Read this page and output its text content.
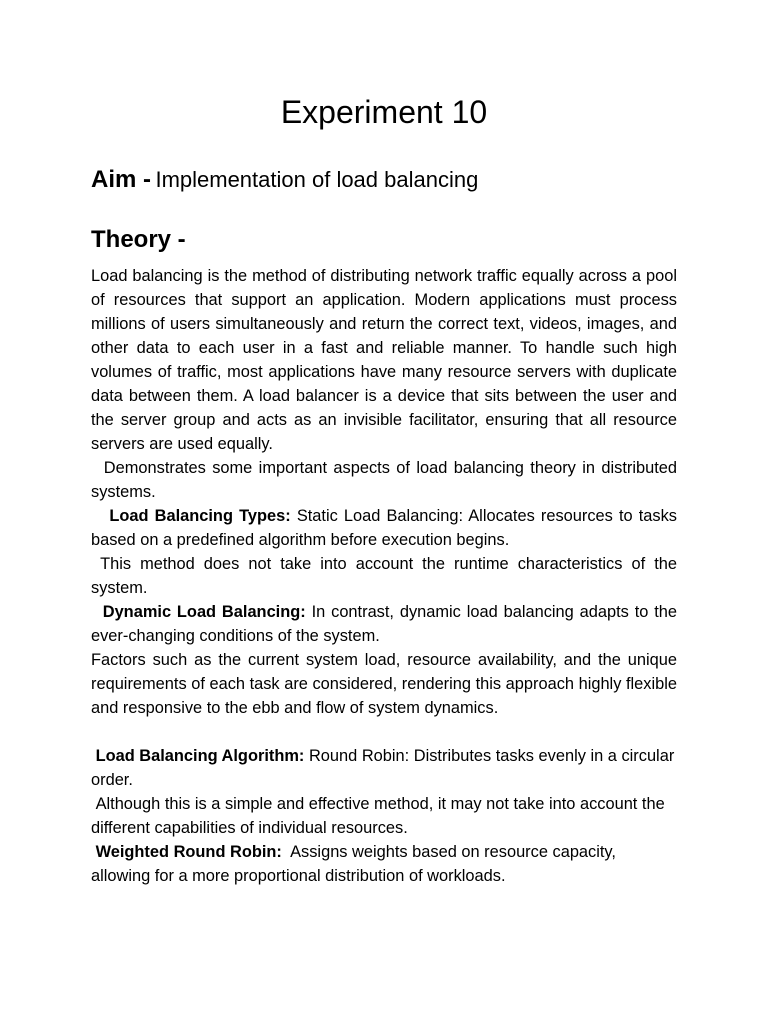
Experiment 10

Aim - Implementation of load balancing

Theory -

Load balancing is the method of distributing network traffic equally across a pool of resources that support an application. Modern applications must process millions of users simultaneously and return the correct text, videos, images, and other data to each user in a fast and reliable manner. To handle such high volumes of traffic, most applications have many resource servers with duplicate data between them. A load balancer is a device that sits between the user and the server group and acts as an invisible facilitator, ensuring that all resource servers are used equally.

Demonstrates some important aspects of load balancing theory in distributed systems.

Load Balancing Types: Static Load Balancing: Allocates resources to tasks based on a predefined algorithm before execution begins.

This method does not take into account the runtime characteristics of the system.

Dynamic Load Balancing: In contrast, dynamic load balancing adapts to the ever-changing conditions of the system.

Factors such as the current system load, resource availability, and the unique requirements of each task are considered, rendering this approach highly flexible and responsive to the ebb and flow of system dynamics.

Load Balancing Algorithm: Round Robin: Distributes tasks evenly in a circular order.

Although this is a simple and effective method, it may not take into account the different capabilities of individual resources.

Weighted Round Robin: Assigns weights based on resource capacity, allowing for a more proportional distribution of workloads.
